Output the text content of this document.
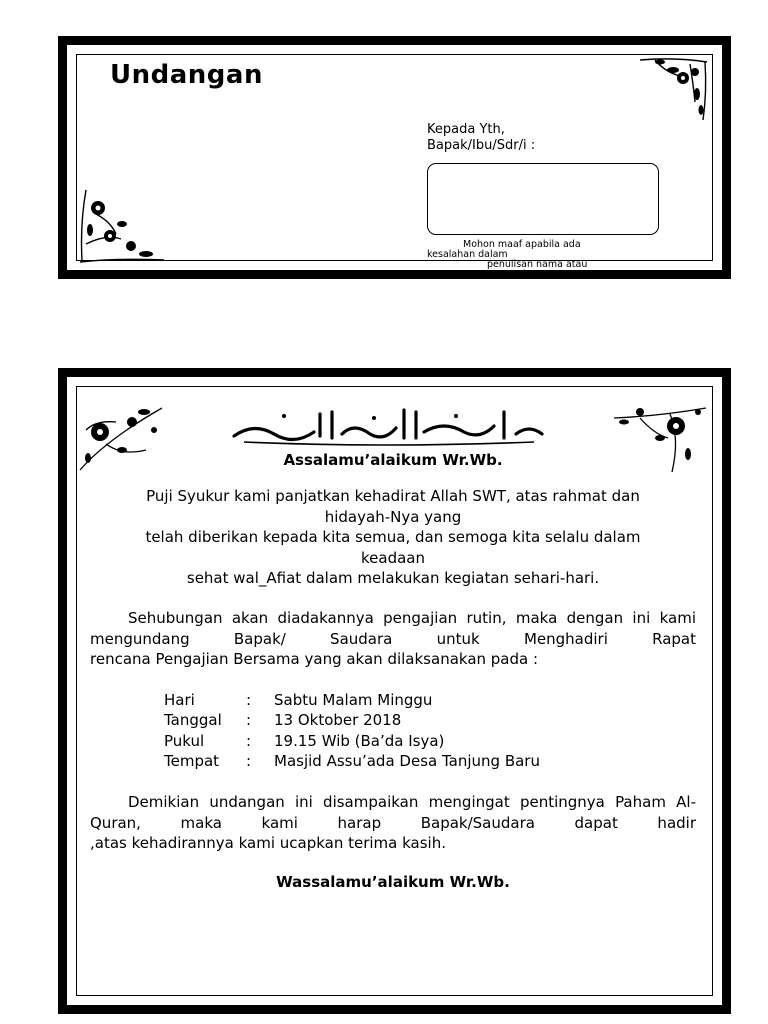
Undangan
Kepada Yth,
Bapak/Ibu/Sdr/i :
Mohon maaf apabila ada
kesalahan dalam
penulisan nama atau
gelar
Assalamu’alaikum Wr.Wb.
Puji Syukur kami panjatkan kehadirat Allah SWT, atas rahmat dan
hidayah-Nya yang
telah diberikan kepada kita semua, dan semoga kita selalu dalam
keadaan
sehat wal_Afiat dalam melakukan kegiatan sehari-hari.
Sehubungan akan diadakannya pengajian rutin, maka dengan ini kami mengundang Bapak/ Saudara untuk Menghadiri Rapat
rencana Pengajian Bersama yang akan dilaksanakan pada :
Hari	: Sabtu Malam Minggu
Tanggal : 13 Oktober 2018
Pukul	: 19.15 Wib (Ba’da Isya)
Tempat : Masjid Assu’ada Desa Tanjung Baru
Demikian undangan ini disampaikan mengingat pentingnya Paham Al-Quran, maka kami harap Bapak/Saudara dapat hadir
,atas kehadirannya kami ucapkan terima kasih.
Wassalamu’alaikum Wr.Wb.
